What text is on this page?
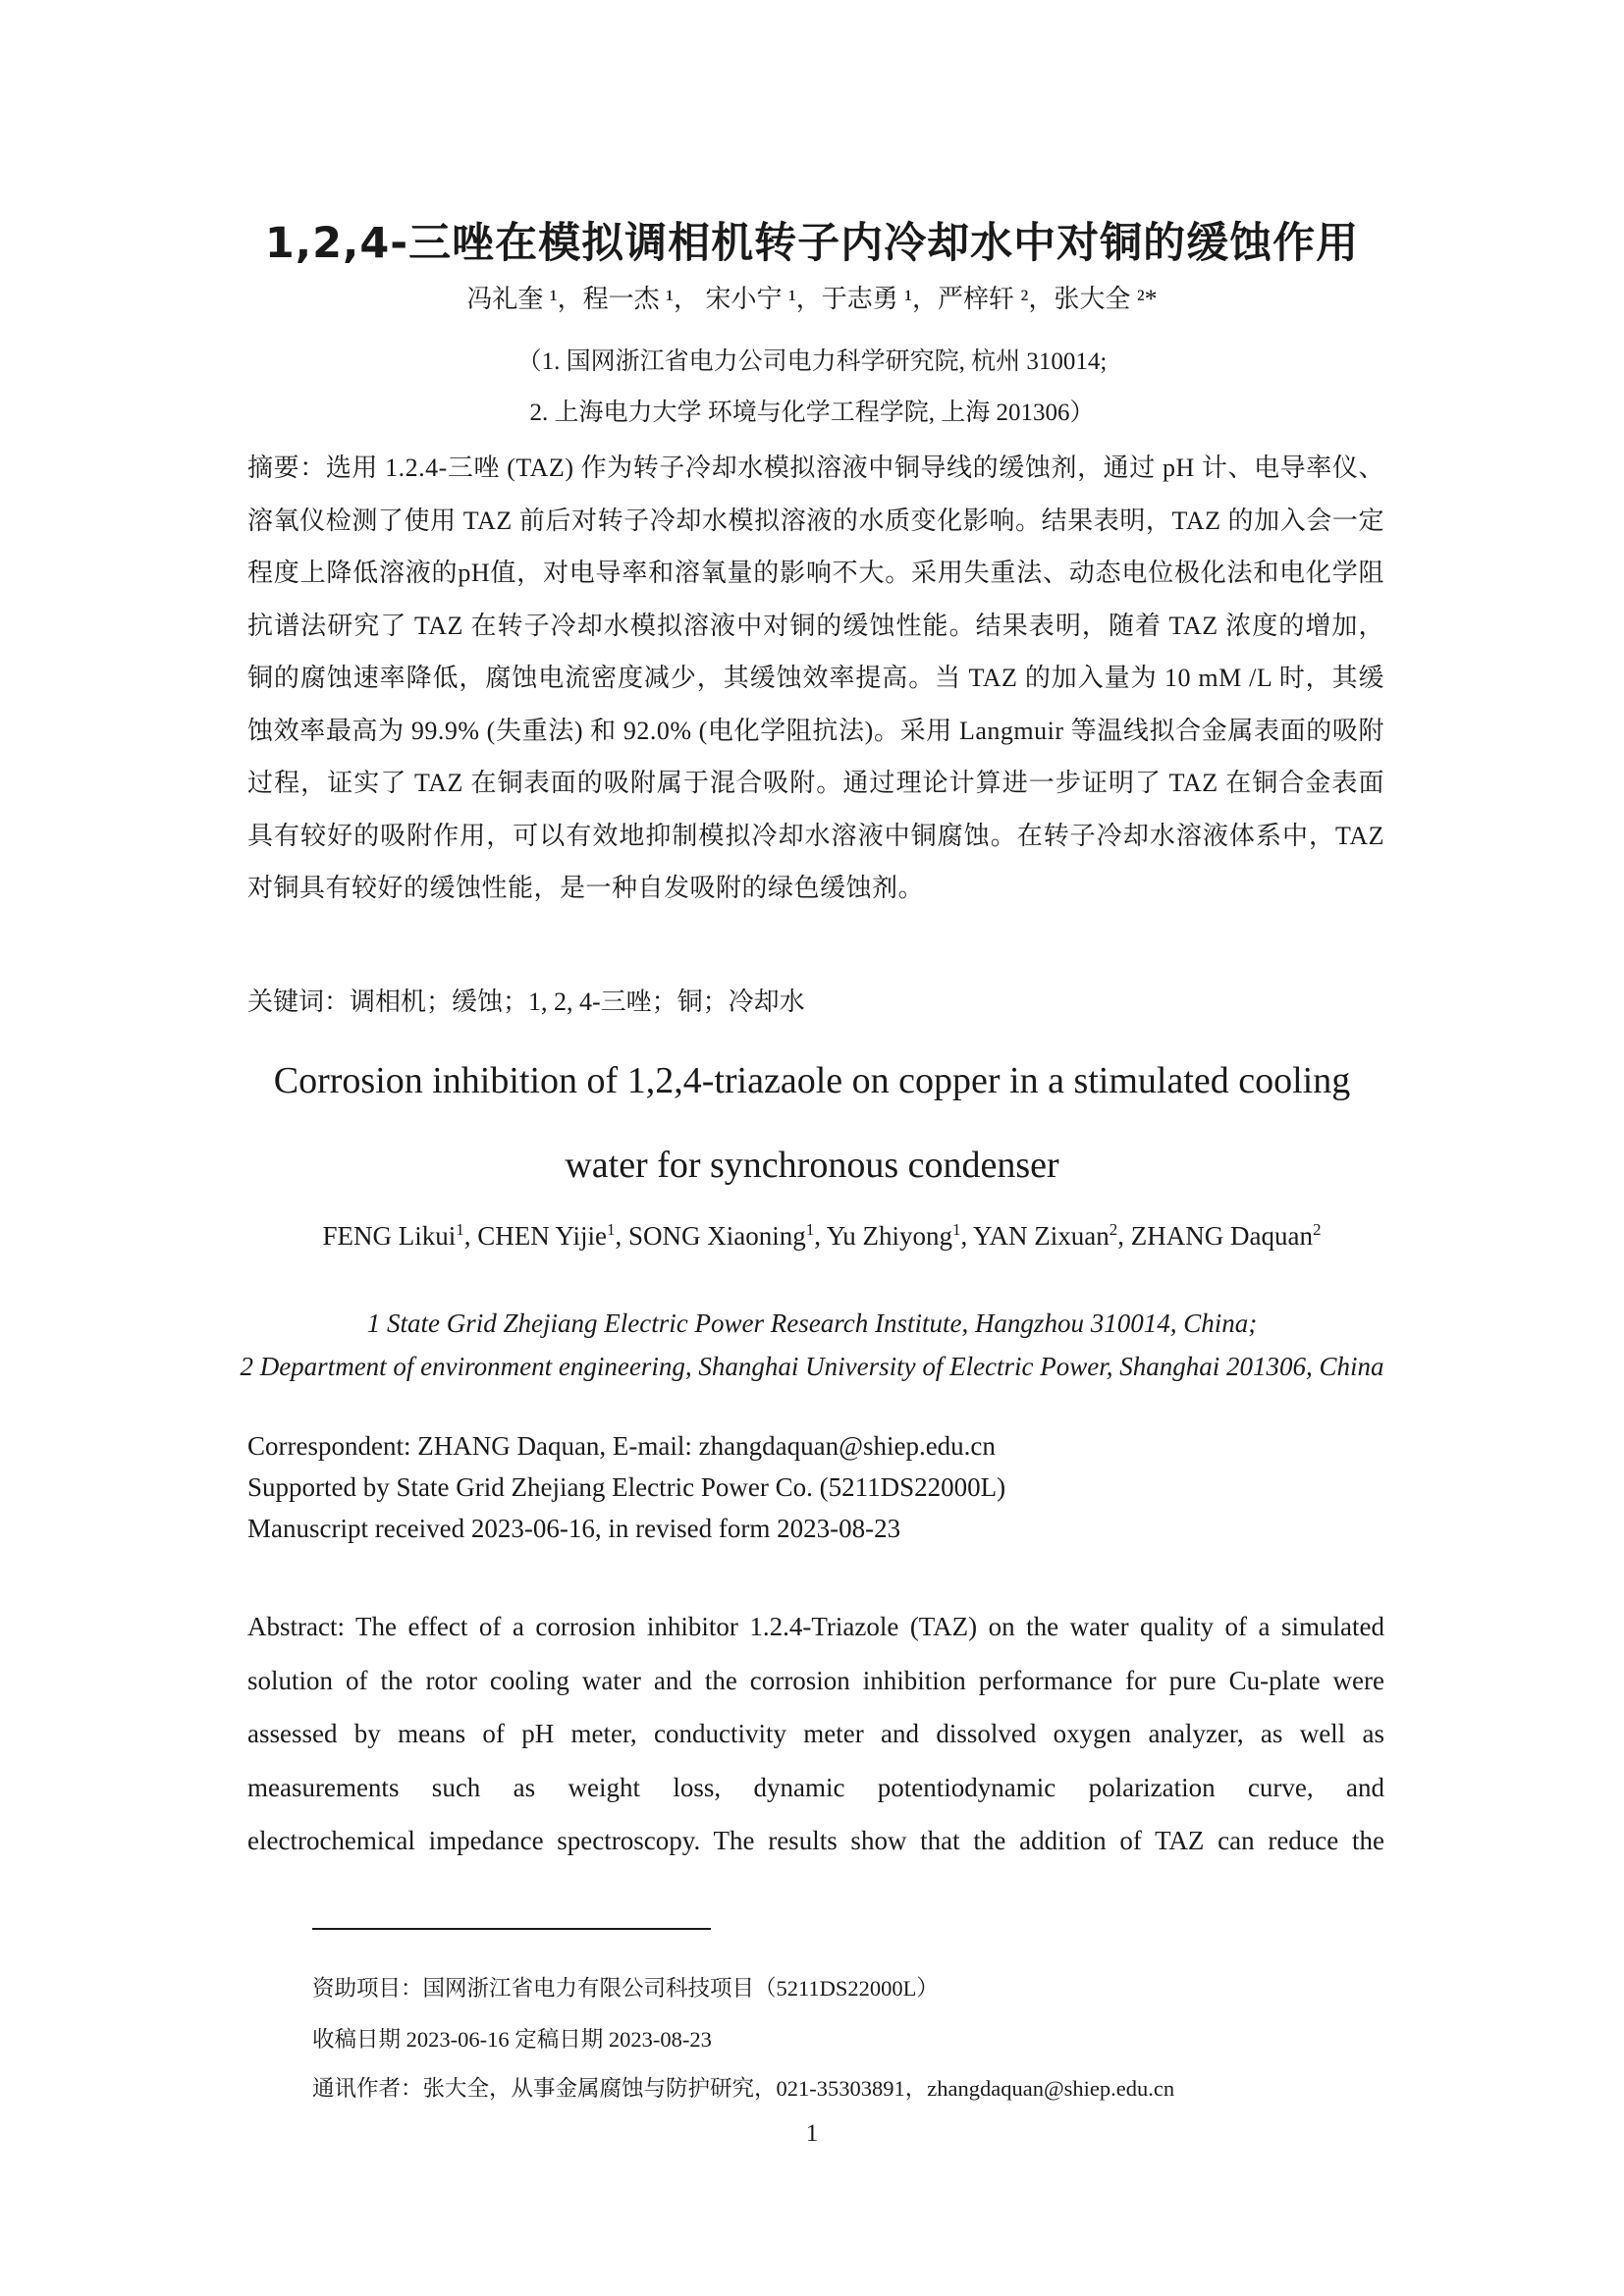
1,2,4-三唑在模拟调相机转子内冷却水中对铜的缓蚀作用
冯礼奎 ¹，程一杰 ¹， 宋小宁 ¹，于志勇 ¹，严梓轩 ²，张大全 ²*
（1. 国网浙江省电力公司电力科学研究院, 杭州 310014;
2. 上海电力大学 环境与化学工程学院, 上海 201306）
摘要：选用 1.2.4-三唑 (TAZ) 作为转子冷却水模拟溶液中铜导线的缓蚀剂，通过 pH 计、电导率仪、溶氧仪检测了使用 TAZ 前后对转子冷却水模拟溶液的水质变化影响。结果表明，TAZ 的加入会一定程度上降低溶液的pH值，对电导率和溶氧量的影响不大。采用失重法、动态电位极化法和电化学阻抗谱法研究了 TAZ 在转子冷却水模拟溶液中对铜的缓蚀性能。结果表明，随着 TAZ 浓度的增加，铜的腐蚀速率降低，腐蚀电流密度减少，其缓蚀效率提高。当 TAZ 的加入量为 10 mM /L 时，其缓蚀效率最高为 99.9% (失重法) 和 92.0% (电化学阻抗法)。采用 Langmuir 等温线拟合金属表面的吸附过程，证实了 TAZ 在铜表面的吸附属于混合吸附。通过理论计算进一步证明了 TAZ 在铜合金表面具有较好的吸附作用，可以有效地抑制模拟冷却水溶液中铜腐蚀。在转子冷却水溶液体系中，TAZ 对铜具有较好的缓蚀性能，是一种自发吸附的绿色缓蚀剂。
关键词：调相机；缓蚀；1, 2, 4-三唑；铜；冷却水
Corrosion inhibition of 1,2,4-triazaole on copper in a stimulated cooling water for synchronous condenser
FENG Likui$^1$, CHEN Yijie$^1$, SONG Xiaoning$^1$, Yu Zhiyong$^1$, YAN Zixuan$^2$, ZHANG Daquan$^2$
1 State Grid Zhejiang Electric Power Research Institute, Hangzhou 310014, China;
2 Department of environment engineering, Shanghai University of Electric Power, Shanghai 201306, China
Correspondent: ZHANG Daquan, E-mail: zhangdaquan@shiep.edu.cn
Supported by State Grid Zhejiang Electric Power Co. (5211DS22000L)
Manuscript received 2023-06-16, in revised form 2023-08-23
Abstract: The effect of a corrosion inhibitor 1.2.4-Triazole (TAZ) on the water quality of a simulated
solution of the rotor cooling water and the corrosion inhibition performance for pure Cu-plate were
assessed by means of pH meter, conductivity meter and dissolved oxygen analyzer, as well as
measurements such as weight loss, dynamic potentiodynamic polarization curve, and
electrochemical impedance spectroscopy. The results show that the addition of TAZ can reduce the
资助项目：国网浙江省电力有限公司科技项目（5211DS22000L）
收稿日期 2023-06-16 定稿日期 2023-08-23
通讯作者：张大全，从事金属腐蚀与防护研究，021-35303891，zhangdaquan@shiep.edu.cn
1
